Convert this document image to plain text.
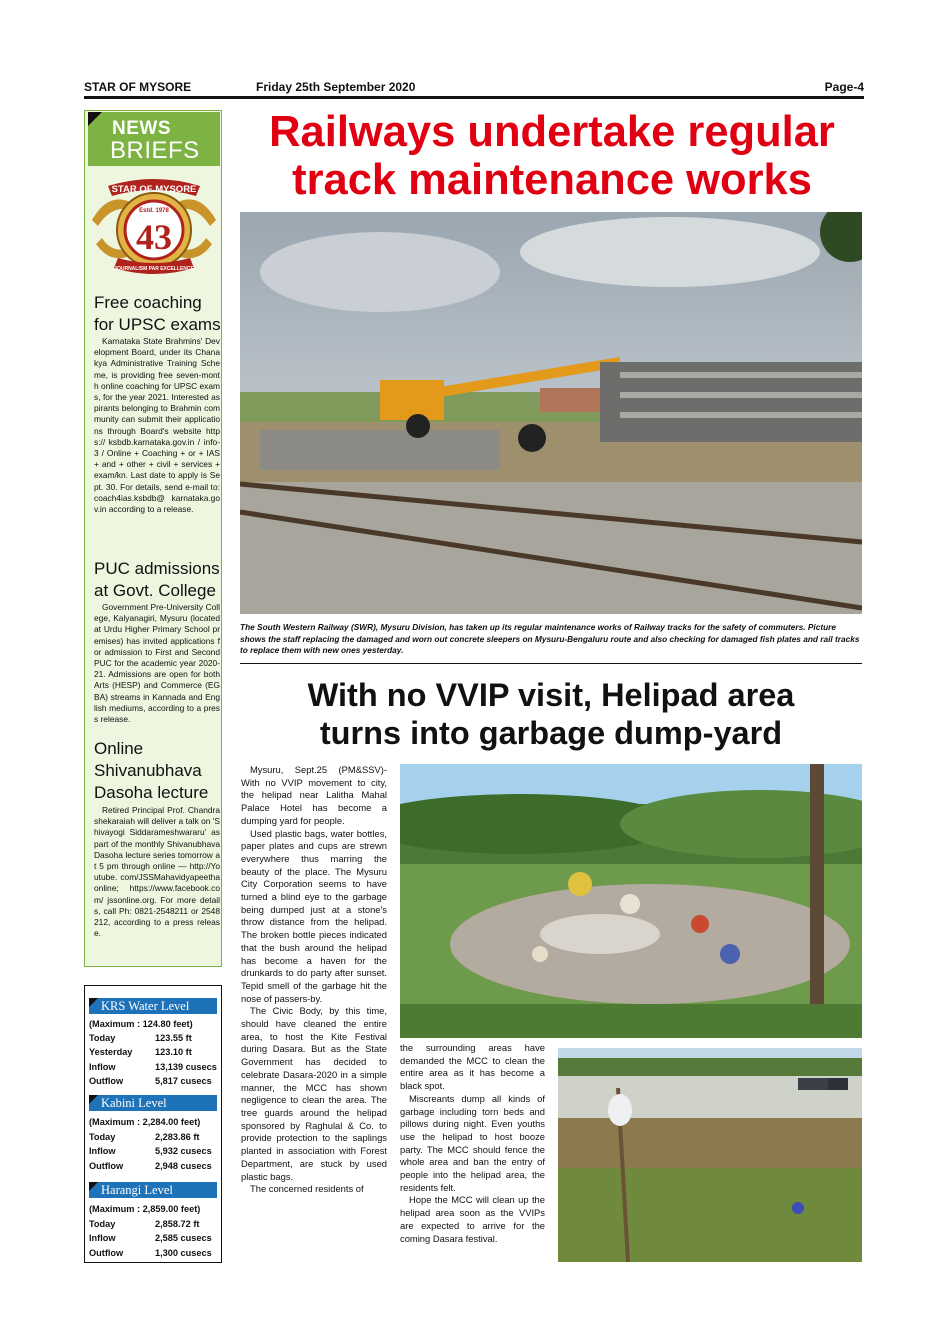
STAR OF MYSORE	Friday 25th September 2020	Page-4
NEWS
BRIEFS
STAR OF MYSORE
Estd. 1978
43
JOURNALISM PAR EXCELLENCE
Free coaching for UPSC exams

Karnataka State Brahmins' Development Board, under its Chanakya Administrative Training Scheme, is providing free seven-month online coaching for UPSC exams, for the year 2021. Interested aspirants belonging to Brahmin community can submit their applications through Board's website https:// ksbdb.karnataka.gov.in / info-3 / Online + Coaching + or + IAS + and + other + civil + services + exam/kn. Last date to apply is Sept. 30. For details, send e-mail to: coach4ias.ksbdb@ karnataka.gov.in according to a release.

PUC admissions at Govt. College

Government Pre-University College, Kalyanagiri, Mysuru (located at Urdu Higher Primary School premises) has invited applications for admission to First and Second PUC for the academic year 2020-21. Admissions are open for both Arts (HESP) and Commerce (EGBA) streams in Kannada and English mediums, according to a press release.

Online Shivanubhava Dasoha lecture

Retired Principal Prof. Chandrashekaraiah will deliver a talk on 'Shivayogi Siddarameshwararu' as part of the monthly Shivanubhava Dasoha lecture series tomorrow at 5 pm through online — http://Youtube. com/JSSMahavidyapeethaonline; https://www.facebook.com/ jssonline.org. For more details, call Ph: 0821-2548211 or 2548212, according to a press release.

KRS Water Level
(Maximum : 124.80 feet)
Today	123.55 ft
Yesterday 123.10 ft
Inflow	13,139 cusecs
Outflow	5,817 cusecs
Kabini Level
(Maximum : 2,284.00 feet)
Today	2,283.86 ft
Inflow	5,932 cusecs
Outflow	2,948 cusecs
Harangi Level
(Maximum : 2,859.00 feet)
Today	2,858.72 ft
Inflow	2,585 cusecs
Outflow	1,300 cusecs
Railways undertake regular
track maintenance works

The South Western Railway (SWR), Mysuru Division, has taken up its regular maintenance works of Railway tracks for the safety of commuters. Picture shows the staff replacing the damaged and worn out concrete sleepers on Mysuru-Bengaluru route and also checking for damaged fish plates and rail tracks to replace them with new ones yesterday.

With no VVIP visit, Helipad area
turns into garbage dump-yard

Mysuru, Sept.25 (PM&SSV)- With no VVIP movement to city, the helipad near Lalitha Mahal Palace Hotel has become a dumping yard for people.

Used plastic bags, water bottles, paper plates and cups are strewn everywhere thus marring the beauty of the place. The Mysuru City Corporation seems to have turned a blind eye to the garbage being dumped just at a stone's throw distance from the helipad. The broken bottle pieces indicated that the bush around the helipad has become a haven for the drunkards to do party after sunset. Tepid smell of the garbage hit the nose of passers-by.

The Civic Body, by this time, should have cleaned the entire area, to host the Kite Festival during Dasara. But as the State Government has decided to celebrate Dasara-2020 in a simple manner, the MCC has shown negligence to clean the area. The tree guards around the helipad sponsored by Raghulal & Co. to provide protection to the saplings planted in association with Forest Department, are stuck by used plastic bags.

The concerned residents of

the surrounding areas have demanded the MCC to clean the entire area as it has become a black spot.

Miscreants dump all kinds of garbage including torn beds and pillows during night. Even youths use the helipad to host booze party. The MCC should fence the whole area and ban the entry of people into the helipad area, the residents felt.

Hope the MCC will clean up the helipad area soon as the VVIPs are expected to arrive for the coming Dasara festival.
